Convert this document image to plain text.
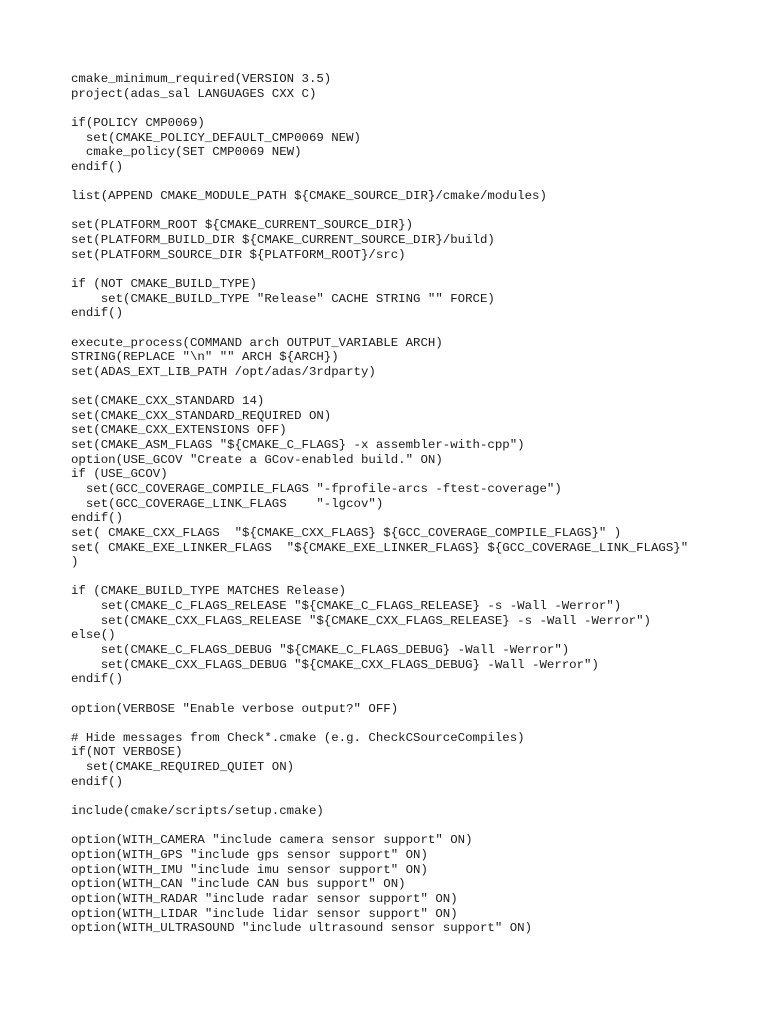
cmake_minimum_required(VERSION 3.5)
project(adas_sal LANGUAGES CXX C)
if(POLICY CMP0069)
set(CMAKE_POLICY_DEFAULT_CMP0069 NEW)
cmake_policy(SET CMP0069 NEW)
endif()
list(APPEND CMAKE_MODULE_PATH ${CMAKE_SOURCE_DIR}/cmake/modules)
set(PLATFORM_ROOT ${CMAKE_CURRENT_SOURCE_DIR})
set(PLATFORM_BUILD_DIR ${CMAKE_CURRENT_SOURCE_DIR}/build)
set(PLATFORM_SOURCE_DIR ${PLATFORM_ROOT}/src)
if (NOT CMAKE_BUILD_TYPE)
set(CMAKE_BUILD_TYPE "Release" CACHE STRING "" FORCE)
endif()
execute_process(COMMAND arch OUTPUT_VARIABLE ARCH)
STRING(REPLACE "\n" "" ARCH ${ARCH})
set(ADAS_EXT_LIB_PATH /opt/adas/3rdparty)
set(CMAKE_CXX_STANDARD 14)
set(CMAKE_CXX_STANDARD_REQUIRED ON)
set(CMAKE_CXX_EXTENSIONS OFF)
set(CMAKE_ASM_FLAGS "${CMAKE_C_FLAGS} -x assembler-with-cpp")
option(USE_GCOV "Create a GCov-enabled build." ON)
if (USE_GCOV)
set(GCC_COVERAGE_COMPILE_FLAGS "-fprofile-arcs -ftest-coverage")
set(GCC_COVERAGE_LINK_FLAGS    "-lgcov")
endif()
set( CMAKE_CXX_FLAGS  "${CMAKE_CXX_FLAGS} ${GCC_COVERAGE_COMPILE_FLAGS}" )
set( CMAKE_EXE_LINKER_FLAGS  "${CMAKE_EXE_LINKER_FLAGS} ${GCC_COVERAGE_LINK_FLAGS}"
)
if (CMAKE_BUILD_TYPE MATCHES Release)
set(CMAKE_C_FLAGS_RELEASE "${CMAKE_C_FLAGS_RELEASE} -s -Wall -Werror")
set(CMAKE_CXX_FLAGS_RELEASE "${CMAKE_CXX_FLAGS_RELEASE} -s -Wall -Werror")
else()
set(CMAKE_C_FLAGS_DEBUG "${CMAKE_C_FLAGS_DEBUG} -Wall -Werror")
set(CMAKE_CXX_FLAGS_DEBUG "${CMAKE_CXX_FLAGS_DEBUG} -Wall -Werror")
endif()
option(VERBOSE "Enable verbose output?" OFF)
# Hide messages from Check*.cmake (e.g. CheckCSourceCompiles)
if(NOT VERBOSE)
set(CMAKE_REQUIRED_QUIET ON)
endif()
include(cmake/scripts/setup.cmake)
option(WITH_CAMERA "include camera sensor support" ON)
option(WITH_GPS "include gps sensor support" ON)
option(WITH_IMU "include imu sensor support" ON)
option(WITH_CAN "include CAN bus support" ON)
option(WITH_RADAR "include radar sensor support" ON)
option(WITH_LIDAR "include lidar sensor support" ON)
option(WITH_ULTRASOUND "include ultrasound sensor support" ON)
